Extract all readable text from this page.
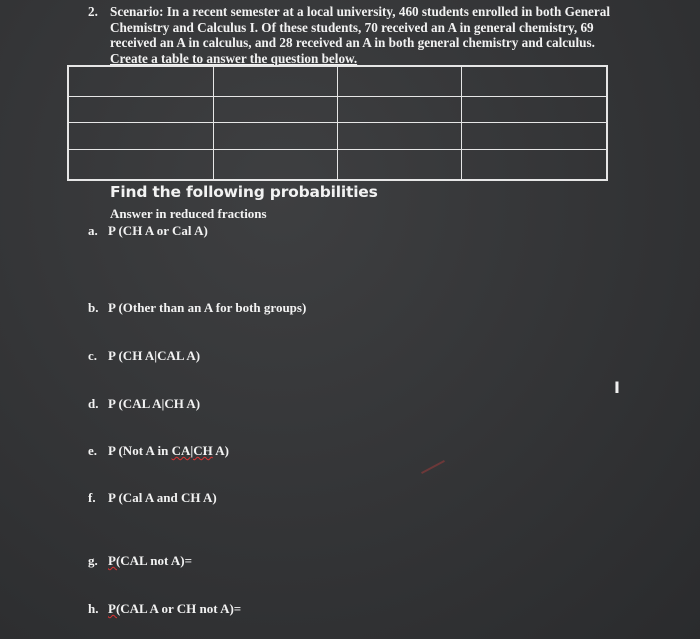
2. Scenario: In a recent semester at a local university, 460 students enrolled in both General
Chemistry and Calculus I. Of these students, 70 received an A in general chemistry, 69
received an A in calculus, and 28 received an A in both general chemistry and calculus.
Create a table to answer the question below.

Find the following probabilities
Answer in reduced fractions
a. P (CH A or Cal A)
b. P (Other than an A for both groups)
c. P (CH A|CAL A)
d. P (CAL A|CH A)
e. P (Not A in CA|CH A)
f. P (Cal A and CH A)
g. P(CAL not A)=
h. P(CAL A or CH not A)=
I
